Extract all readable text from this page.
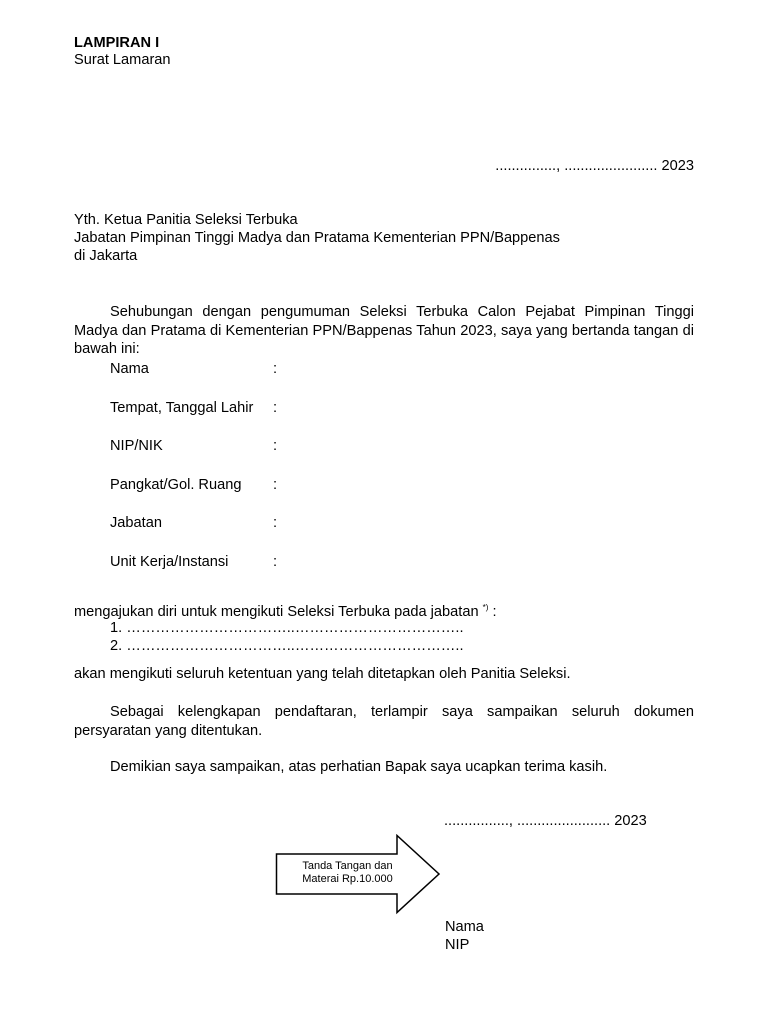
LAMPIRAN I
Surat Lamaran
..............., ....................... 2023
Yth. Ketua Panitia Seleksi Terbuka
Jabatan Pimpinan Tinggi Madya dan Pratama Kementerian PPN/Bappenas
di Jakarta
Sehubungan dengan pengumuman Seleksi Terbuka Calon Pejabat Pimpinan Tinggi Madya dan Pratama di Kementerian PPN/Bappenas Tahun 2023, saya yang bertanda tangan di bawah ini:
Nama	:
Tempat, Tanggal Lahir :
NIP/NIK	:
Pangkat/Gol. Ruang :
Jabatan	:
Unit Kerja/Instansi	:
mengajukan diri untuk mengikuti Seleksi Terbuka pada jabatan *) :
1. ……………………………..……………………………..
2. ……………………………..……………………………..
akan mengikuti seluruh ketentuan yang telah ditetapkan oleh Panitia Seleksi.
Sebagai kelengkapan pendaftaran, terlampir saya sampaikan seluruh dokumen persyaratan yang ditentukan.
Demikian saya sampaikan, atas perhatian Bapak saya ucapkan terima kasih.
................, ....................... 2023
Tanda Tangan dan
Materai Rp.10.000
Nama
NIP
